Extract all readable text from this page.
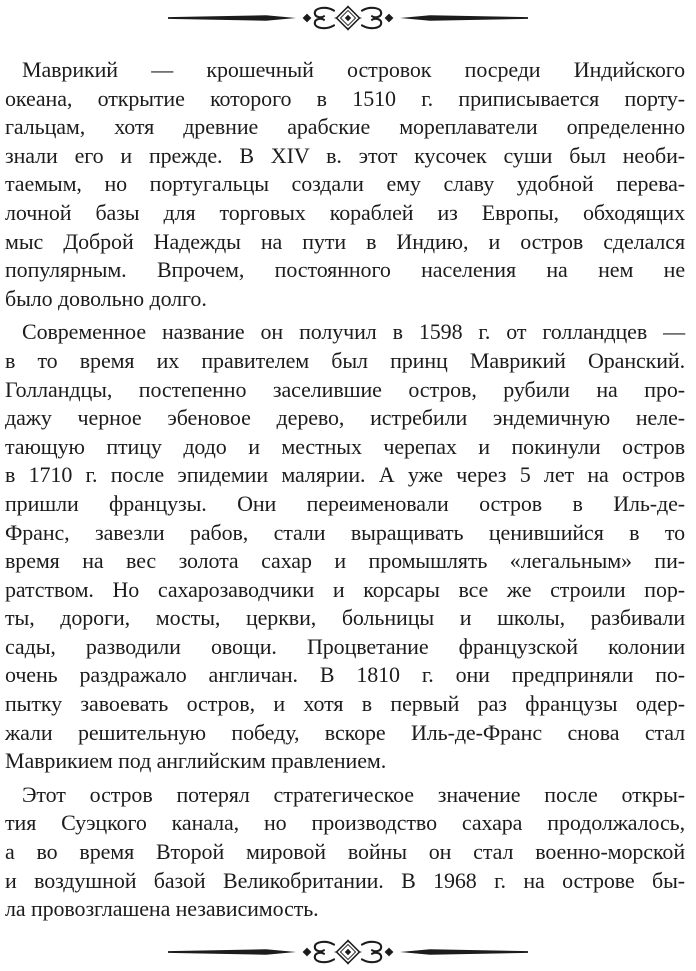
Маврикий — крошечный островок посреди Индийского
океана, открытие которого в 1510 г. приписывается порту-
гальцам, хотя древние арабские мореплаватели определенно
знали его и прежде. В XIV в. этот кусочек суши был необи-
таемым, но португальцы создали ему славу удобной перева-
лочной базы для торговых кораблей из Европы, обходящих
мыс Доброй Надежды на пути в Индию, и остров сделался
популярным. Впрочем, постоянного населения на нем не
было довольно долго.

Современное название он получил в 1598 г. от голландцев —
в то время их правителем был принц Маврикий Оранский.
Голландцы, постепенно заселившие остров, рубили на про-
дажу черное эбеновое дерево, истребили эндемичную неле-
тающую птицу додо и местных черепах и покинули остров
в 1710 г. после эпидемии малярии. А уже через 5 лет на остров
пришли французы. Они переименовали остров в Иль-де-
Франс, завезли рабов, стали выращивать ценившийся в то
время на вес золота сахар и промышлять «легальным» пи-
ратством. Но сахарозаводчики и корсары все же строили пор-
ты, дороги, мосты, церкви, больницы и школы, разбивали
сады, разводили овощи. Процветание французской колонии
очень раздражало англичан. В 1810 г. они предприняли по-
пытку завоевать остров, и хотя в первый раз французы одер-
жали решительную победу, вскоре Иль-де-Франс снова стал
Маврикием под английским правлением.

Этот остров потерял стратегическое значение после откры-
тия Суэцкого канала, но производство сахара продолжалось,
а во время Второй мировой войны он стал военно-морской
и воздушной базой Великобритании. В 1968 г. на острове бы-
ла провозглашена независимость.
